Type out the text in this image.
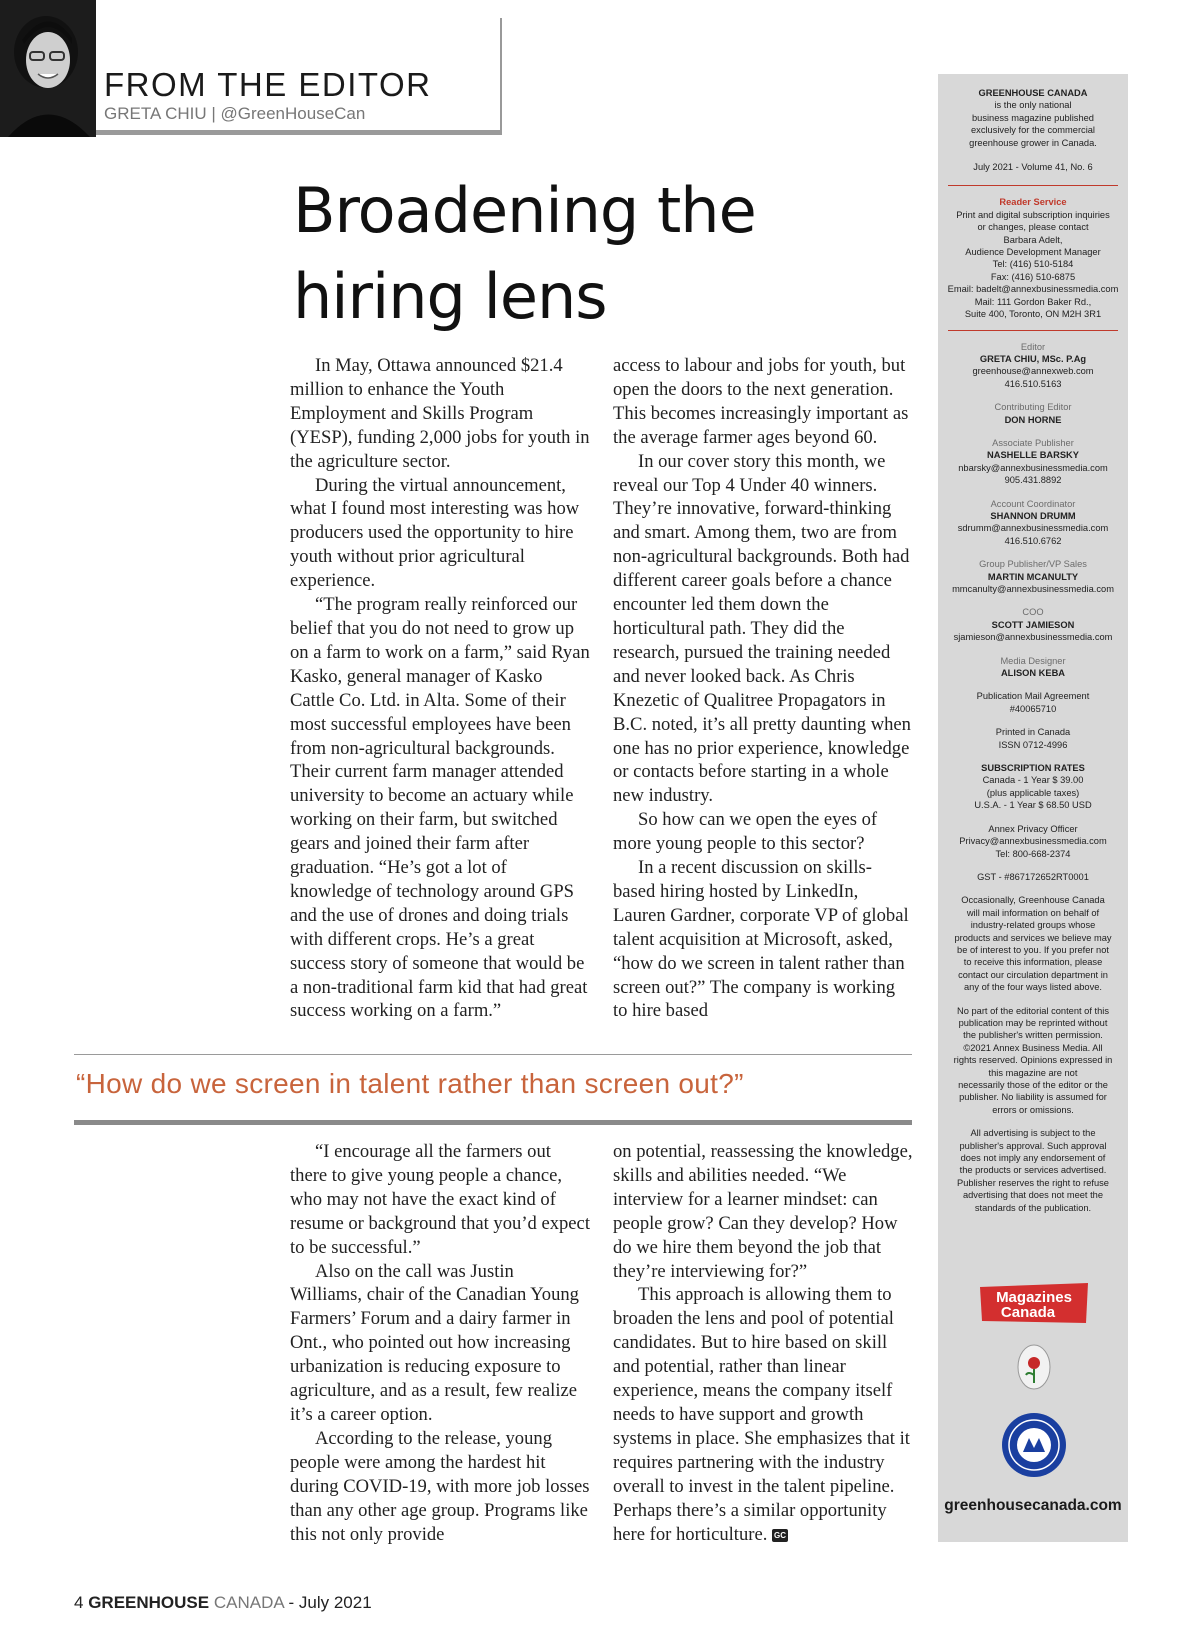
FROM THE EDITOR
GRETA CHIU | @GreenHouseCan
Broadening the
hiring lens

In May, Ottawa announced $21.4 million to enhance the Youth Employment and Skills Program (YESP), funding 2,000 jobs for youth in the agriculture sector.

During the virtual announcement, what I found most interesting was how producers used the opportunity to hire youth without prior agricultural experience.

“The program really reinforced our belief that you do not need to grow up on a farm to work on a farm,” said Ryan Kasko, general manager of Kasko Cattle Co. Ltd. in Alta. Some of their most successful employees have been from non-agricultural backgrounds. Their current farm manager attended university to become an actuary while working on their farm, but switched gears and joined their farm after graduation. “He’s got a lot of knowledge of technology around GPS and the use of drones and doing trials with different crops. He’s a great success story of someone that would be a non-traditional farm kid that had great success working on a farm.”

access to labour and jobs for youth, but open the doors to the next generation. This becomes increasingly important as the average farmer ages beyond 60.

In our cover story this month, we reveal our Top 4 Under 40 winners. They’re innovative, forward-thinking and smart. Among them, two are from non-agricultural backgrounds. Both had different career goals before a chance encounter led them down the horticultural path. They did the research, pursued the training needed and never looked back. As Chris Knezetic of Qualitree Propagators in B.C. noted, it’s all pretty daunting when one has no prior experience, knowledge or contacts before starting in a whole new industry.

So how can we open the eyes of more young people to this sector?

In a recent discussion on skills-based hiring hosted by LinkedIn, Lauren Gardner, corporate VP of global talent acquisition at Microsoft, asked, “how do we screen in talent rather than screen out?” The company is working to hire based

“How do we screen in talent rather than screen out?”

“I encourage all the farmers out there to give young people a chance, who may not have the exact kind of resume or background that you’d expect to be successful.”

Also on the call was Justin Williams, chair of the Canadian Young Farmers’ Forum and a dairy farmer in Ont., who pointed out how increasing urbanization is reducing exposure to agriculture, and as a result, few realize it’s a career option.

According to the release, young people were among the hardest hit during COVID-19, with more job losses than any other age group. Programs like this not only provide

on potential, reassessing the knowledge, skills and abilities needed. “We interview for a learner mindset: can people grow? Can they develop? How do we hire them beyond the job that they’re interviewing for?”

This approach is allowing them to broaden the lens and pool of potential candidates. But to hire based on skill and potential, rather than linear experience, means the company itself needs to have support and growth systems in place. She emphasizes that it requires partnering with the industry overall to invest in the talent pipeline. Perhaps there’s a similar opportunity here for horticulture. GC

4 GREENHOUSE CANADA - July 2021
GREENHOUSE CANADA
is the only national
business magazine published
exclusively for the commercial
greenhouse grower in Canada.
July 2021 - Volume 41, No. 6
Reader Service
Print and digital subscription inquiries
or changes, please contact
Barbara Adelt,
Audience Development Manager
Tel: (416) 510-5184
Fax: (416) 510-6875
Email: badelt@annexbusinessmedia.com
Mail: 111 Gordon Baker Rd.,
Suite 400, Toronto, ON M2H 3R1
Editor
GRETA CHIU, MSc. P.Ag
greenhouse@annexweb.com
416.510.5163
Contributing Editor
DON HORNE
Associate Publisher
NASHELLE BARSKY
nbarsky@annexbusinessmedia.com
905.431.8892
Account Coordinator
SHANNON DRUMM
sdrumm@annexbusinessmedia.com
416.510.6762
Group Publisher/VP Sales
MARTIN MCANULTY
mmcanulty@annexbusinessmedia.com
COO
SCOTT JAMIESON
sjamieson@annexbusinessmedia.com
Media Designer
ALISON KEBA
Publication Mail Agreement
#40065710
Printed in Canada
ISSN 0712-4996
SUBSCRIPTION RATES
Canada - 1 Year $ 39.00
(plus applicable taxes)
U.S.A. - 1 Year $ 68.50 USD
Annex Privacy Officer
Privacy@annexbusinessmedia.com
Tel: 800-668-2374
GST - #867172652RT0001
Occasionally, Greenhouse Canada
will mail information on behalf of
industry-related groups whose
products and services we believe may
be of interest to you. If you prefer not
to receive this information, please
contact our circulation department in
any of the four ways listed above.
No part of the editorial content of this
publication may be reprinted without
the publisher's written permission.
©2021 Annex Business Media. All
rights reserved. Opinions expressed in
this magazine are not
necessarily those of the editor or the
publisher. No liability is assumed for
errors or omissions.
All advertising is subject to the
publisher's approval. Such approval
does not imply any endorsement of
the products or services advertised.
Publisher reserves the right to refuse
advertising that does not meet the
standards of the publication.
Magazines
Canada
greenhousecanada.com
